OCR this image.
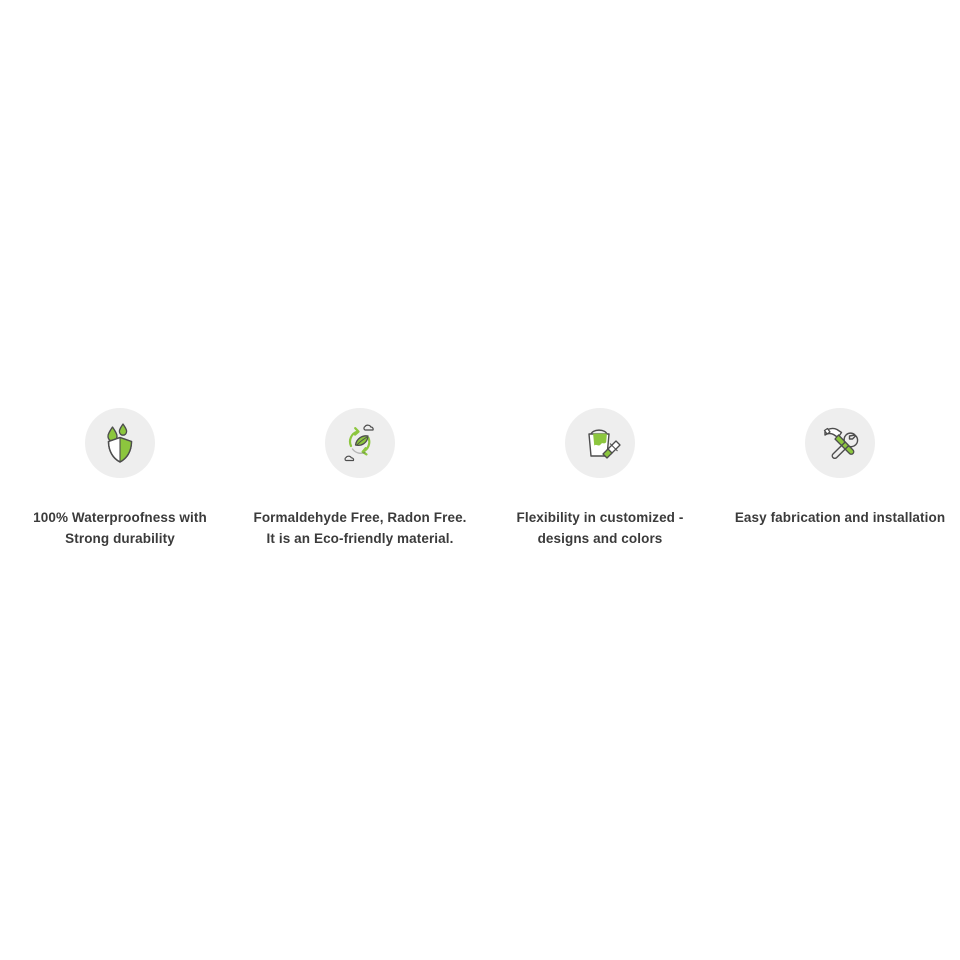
100% Waterproofness with
Strong durability
Formaldehyde Free, Radon Free.
It is an Eco-friendly material.
Flexibility in customized -
designs and colors
Easy fabrication and installation
